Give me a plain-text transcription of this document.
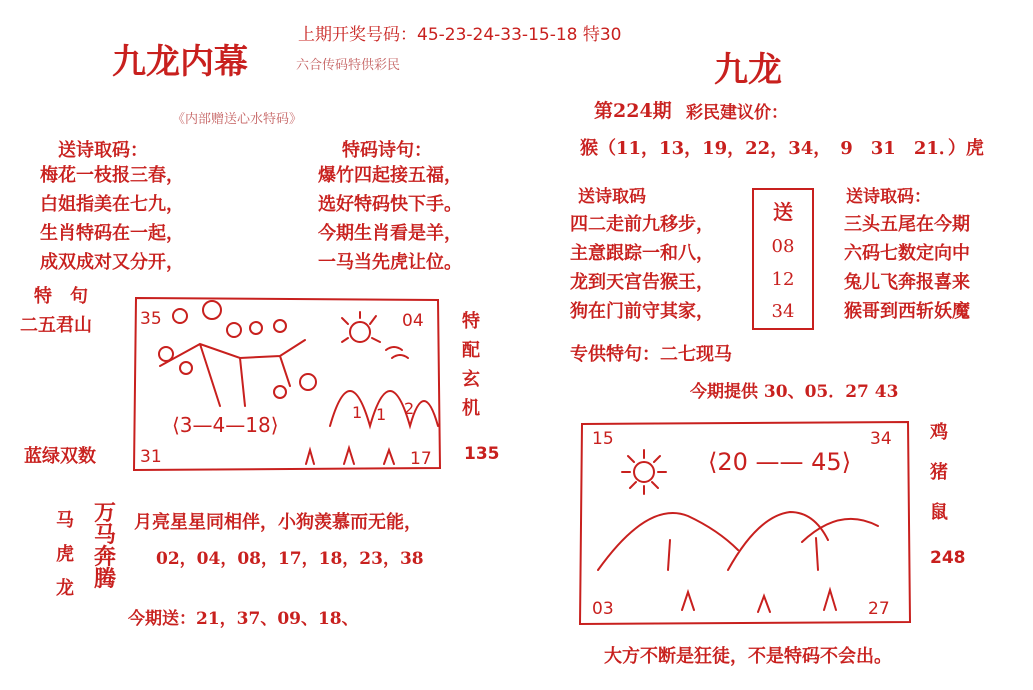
上期开奖号码：45-23-24-33-15-18 特30
九龙内幕	六合传码特供彩民
《内部赠送心水特码》
送诗取码：
梅花一枝报三春，
白姐指美在七九，
生肖特码在一起，
成双成对又分开，
特码诗句：
爆竹四起接五福，
选好特码快下手。
今期生肖看是羊，
一马当先虎让位。
特　句
二五君山
蓝绿双数
35	04
31	17
⟨3—4—18⟩
1 1 2
特
配
玄
机
135
马
虎
龙
万
马
奔
腾
月亮星星同相伴，小狗羡慕而无能，
02，04，08，17，18，23，38
今期送：21，37、09、18、
九龙
第224期 彩民建议价：
猴（11，13，19，22，34，　9　31　21．）虎
送诗取码
四二走前九移步，
主意跟踪一和八，
龙到天宫告猴王，
狗在门前守其家，
送
08
12
34
送诗取码：
三头五尾在今期
六码七数定向中
兔儿飞奔报喜来
猴哥到西斩妖魔
专供特句：二七现马
今期提供 30、05．27 43
15	34
03	27
⟨20 —— 45⟩
鸡
猪
鼠
248
大方不断是狂徒，不是特码不会出。
